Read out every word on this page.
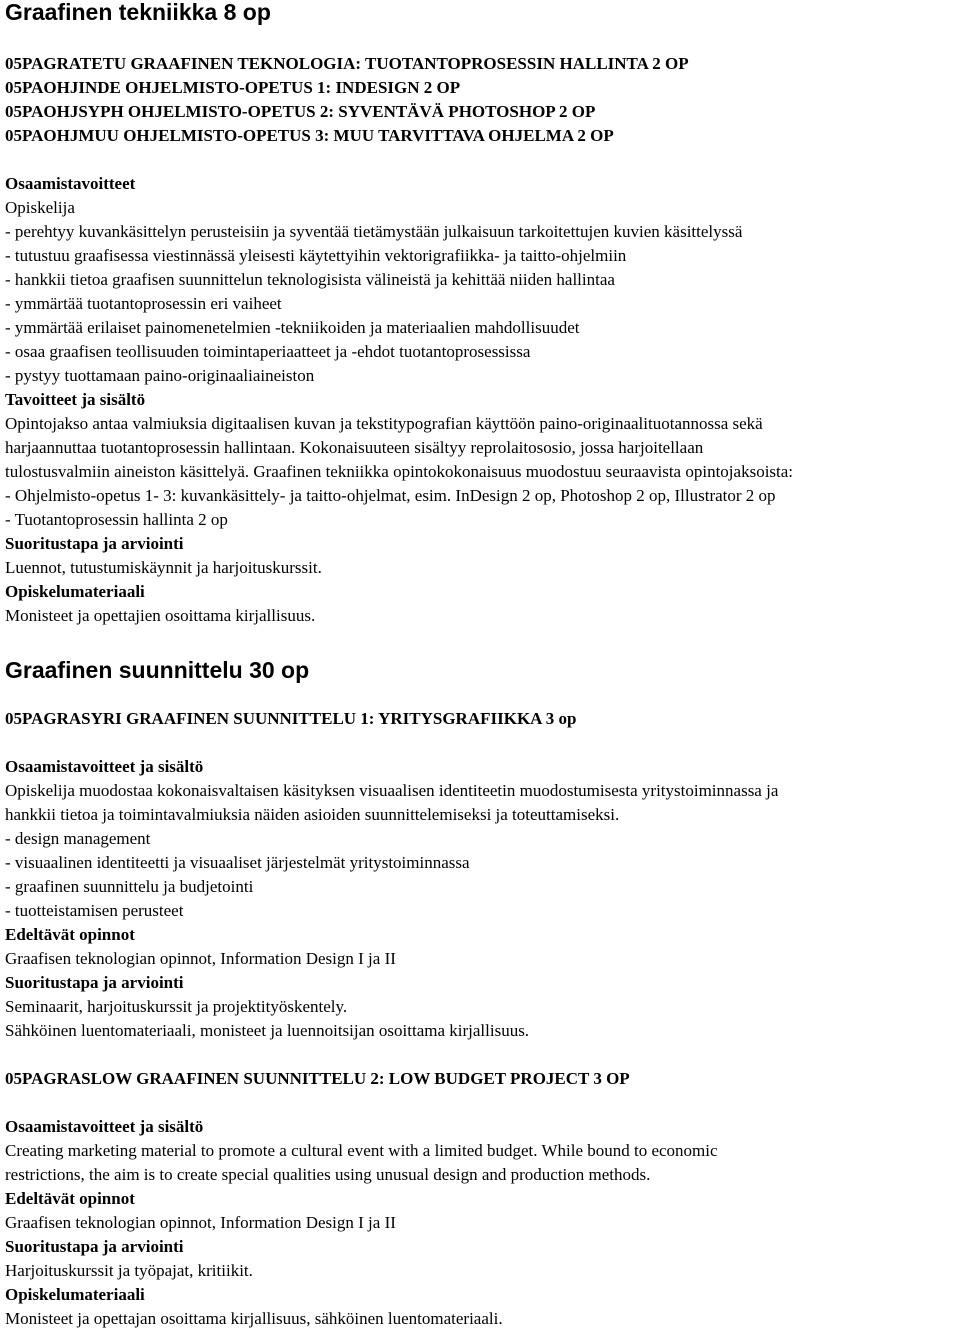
Graafinen tekniikka 8 op
05PAGRATETU GRAAFINEN TEKNOLOGIA: TUOTANTOPROSESSIN HALLINTA 2 OP
05PAOHJINDE OHJELMISTO-OPETUS 1: INDESIGN 2 OP
05PAOHJSYPH OHJELMISTO-OPETUS 2: SYVENTÄVÄ PHOTOSHOP 2 OP
05PAOHJMUU OHJELMISTO-OPETUS 3: MUU TARVITTAVA OHJELMA 2 OP
Osaamistavoitteet
Opiskelija
- perehtyy kuvankäsittelyn perusteisiin ja syventää tietämystään julkaisuun tarkoitettujen kuvien käsittelyssä
- tutustuu graafisessa viestinnässä yleisesti käytettyihin vektorigrafiikka- ja taitto-ohjelmiin
- hankkii tietoa graafisen suunnittelun teknologisista välineistä ja kehittää niiden hallintaa
- ymmärtää tuotantoprosessin eri vaiheet
- ymmärtää erilaiset painomenetelmien -tekniikoiden ja materiaalien mahdollisuudet
- osaa graafisen teollisuuden toimintaperiaatteet ja -ehdot tuotantoprosessissa
- pystyy tuottamaan paino-originaaliaineiston
Tavoitteet ja sisältö
Opintojakso antaa valmiuksia digitaalisen kuvan ja tekstitypografian käyttöön paino-originaalituotannossa sekä
harjaannuttaa tuotantoprosessin hallintaan. Kokonaisuuteen sisältyy reprolaitososio, jossa harjoitellaan
tulostusvalmiin aineiston käsittelyä. Graafinen tekniikka opintokokonaisuus muodostuu seuraavista opintojaksoista:
- Ohjelmisto-opetus 1- 3: kuvankäsittely- ja taitto-ohjelmat, esim. InDesign 2 op, Photoshop 2 op, Illustrator 2 op
- Tuotantoprosessin hallinta 2 op
Suoritustapa ja arviointi
Luennot, tutustumiskäynnit ja harjoituskurssit.
Opiskelumateriaali
Monisteet ja opettajien osoittama kirjallisuus.
Graafinen suunnittelu 30 op
05PAGRASYRI GRAAFINEN SUUNNITTELU 1: YRITYSGRAFIIKKA 3 op
Osaamistavoitteet ja sisältö
Opiskelija muodostaa kokonaisvaltaisen käsityksen visuaalisen identiteetin muodostumisesta yritystoiminnassa ja
hankkii tietoa ja toimintavalmiuksia näiden asioiden suunnittelemiseksi ja toteuttamiseksi.
- design management
- visuaalinen identiteetti ja visuaaliset järjestelmät yritystoiminnassa
- graafinen suunnittelu ja budjetointi
- tuotteistamisen perusteet
Edeltävät opinnot
Graafisen teknologian opinnot, Information Design I ja II
Suoritustapa ja arviointi
Seminaarit, harjoituskurssit ja projektityöskentely.
Sähköinen luentomateriaali, monisteet ja luennoitsijan osoittama kirjallisuus.
05PAGRASLOW GRAAFINEN SUUNNITTELU 2: LOW BUDGET PROJECT 3 OP
Osaamistavoitteet ja sisältö
Creating marketing material to promote a cultural event with a limited budget. While bound to economic
restrictions, the aim is to create special qualities using unusual design and production methods.
Edeltävät opinnot
Graafisen teknologian opinnot, Information Design I ja II
Suoritustapa ja arviointi
Harjoituskurssit ja työpajat, kritiikit.
Opiskelumateriaali
Monisteet ja opettajan osoittama kirjallisuus, sähköinen luentomateriaali.
